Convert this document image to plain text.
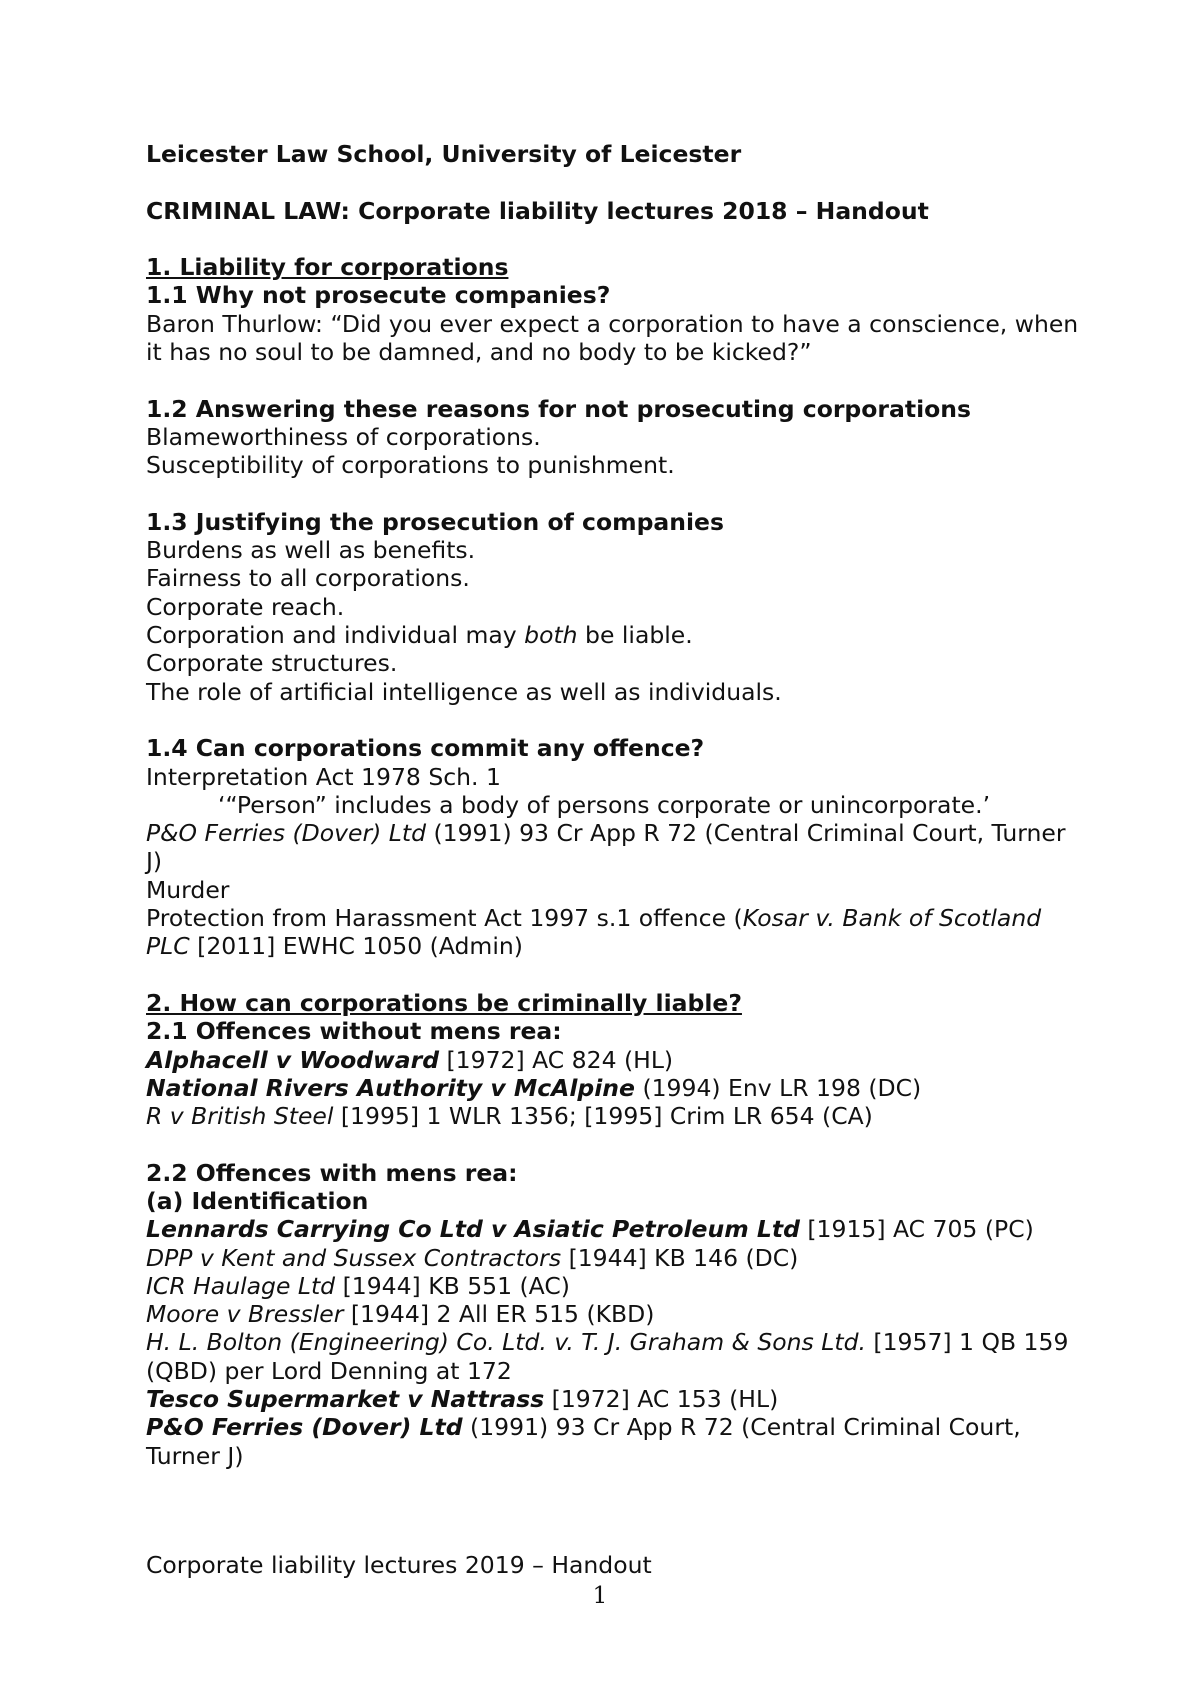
Leicester Law School, University of Leicester
CRIMINAL LAW: Corporate liability lectures 2018 – Handout
1. Liability for corporations
1.1 Why not prosecute companies?
Baron Thurlow: “Did you ever expect a corporation to have a conscience, when it has no soul to be damned, and no body to be kicked?”
1.2 Answering these reasons for not prosecuting corporations
Blameworthiness of corporations.
Susceptibility of corporations to punishment.
1.3 Justifying the prosecution of companies
Burdens as well as benefits.
Fairness to all corporations.
Corporate reach.
Corporation and individual may both be liable.
Corporate structures.
The role of artificial intelligence as well as individuals.
1.4 Can corporations commit any offence?
Interpretation Act 1978 Sch. 1
‘“Person” includes a body of persons corporate or unincorporate.’
P&O Ferries (Dover) Ltd (1991) 93 Cr App R 72 (Central Criminal Court, Turner J)
Murder
Protection from Harassment Act 1997 s.1 offence (Kosar v. Bank of Scotland PLC [2011] EWHC 1050 (Admin)
2. How can corporations be criminally liable?
2.1 Offences without mens rea:
Alphacell v Woodward [1972] AC 824 (HL)
National Rivers Authority v McAlpine (1994) Env LR 198 (DC)
R v British Steel [1995] 1 WLR 1356; [1995] Crim LR 654 (CA)
2.2 Offences with mens rea:
(a) Identification
Lennards Carrying Co Ltd v Asiatic Petroleum Ltd [1915] AC 705 (PC)
DPP v Kent and Sussex Contractors [1944] KB 146 (DC)
ICR Haulage Ltd [1944] KB 551 (AC)
Moore v Bressler [1944] 2 All ER 515 (KBD)
H. L. Bolton (Engineering) Co. Ltd. v. T. J. Graham & Sons Ltd. [1957] 1 QB 159 (QBD) per Lord Denning at 172
Tesco Supermarket v Nattrass [1972] AC 153 (HL)
P&O Ferries (Dover) Ltd (1991) 93 Cr App R 72 (Central Criminal Court, Turner J)
Corporate liability lectures 2019 – Handout
1
